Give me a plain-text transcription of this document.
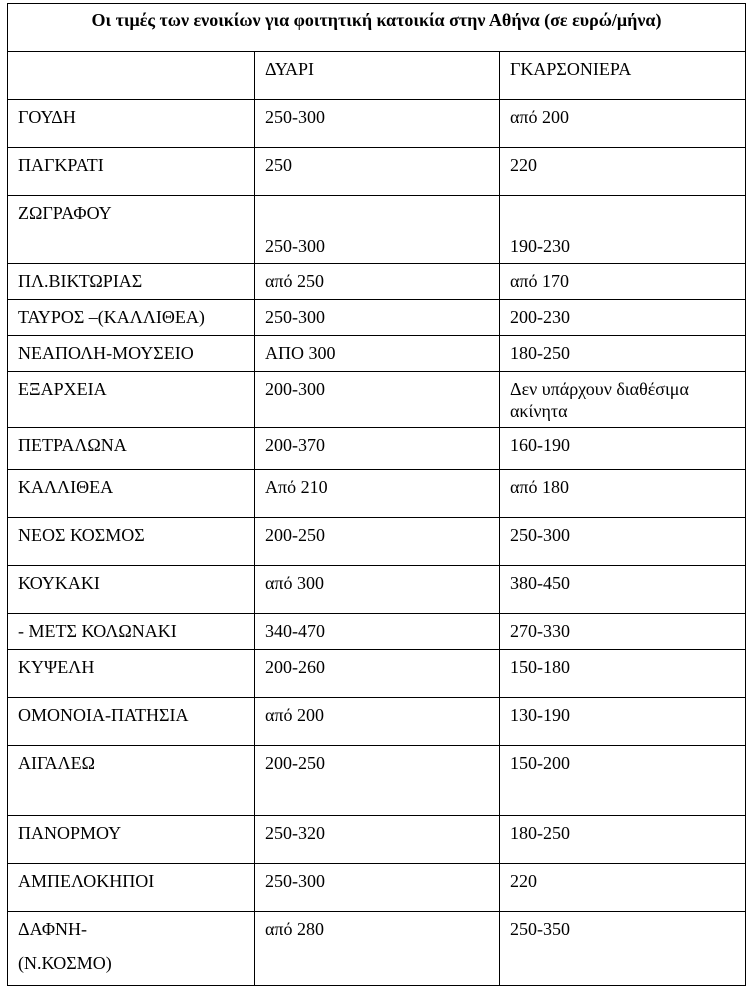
Οι τιμές των ενοικίων για φοιτητική κατοικία στην Αθήνα (σε ευρώ/μήνα)		
	ΔΥΑΡΙ	ΓΚΑΡΣΟΝΙΕΡΑ
ΓΟΥΔΗ	250-300	από 200
ΠΑΓΚΡΑΤΙ	250	220
ΖΩΓΡΑΦΟΥ	250-300	190-230
ΠΛ.ΒΙΚΤΩΡΙΑΣ	από 250	από 170
ΤΑΥΡΟΣ –(ΚΑΛΛΙΘΕΑ)	250-300	200-230
ΝΕΑΠΟΛΗ-ΜΟΥΣΕΙΟ	ΑΠΟ 300	180-250
ΕΞΑΡΧΕΙΑ	200-300	Δεν υπάρχουν διαθέσιμα ακίνητα
ΠΕΤΡΑΛΩΝΑ	200-370	160-190
ΚΑΛΛΙΘΕΑ	Από 210	από 180
ΝΕΟΣ ΚΟΣΜΟΣ	200-250	250-300
ΚΟΥΚΑΚΙ	από 300	380-450
- ΜΕΤΣ ΚΟΛΩΝΑΚΙ	340-470	270-330
ΚΥΨΕΛΗ	200-260	150-180
ΟΜΟΝΟΙΑ-ΠΑΤΗΣΙΑ	από 200	130-190
ΑΙΓΑΛΕΩ	200-250	150-200
ΠΑΝΟΡΜΟΥ	250-320	180-250
ΑΜΠΕΛΟΚΗΠΟΙ	250-300	220

ΔΑΦΝΗ-
(Ν.ΚΟΣΜΟ)	από 280	250-350
